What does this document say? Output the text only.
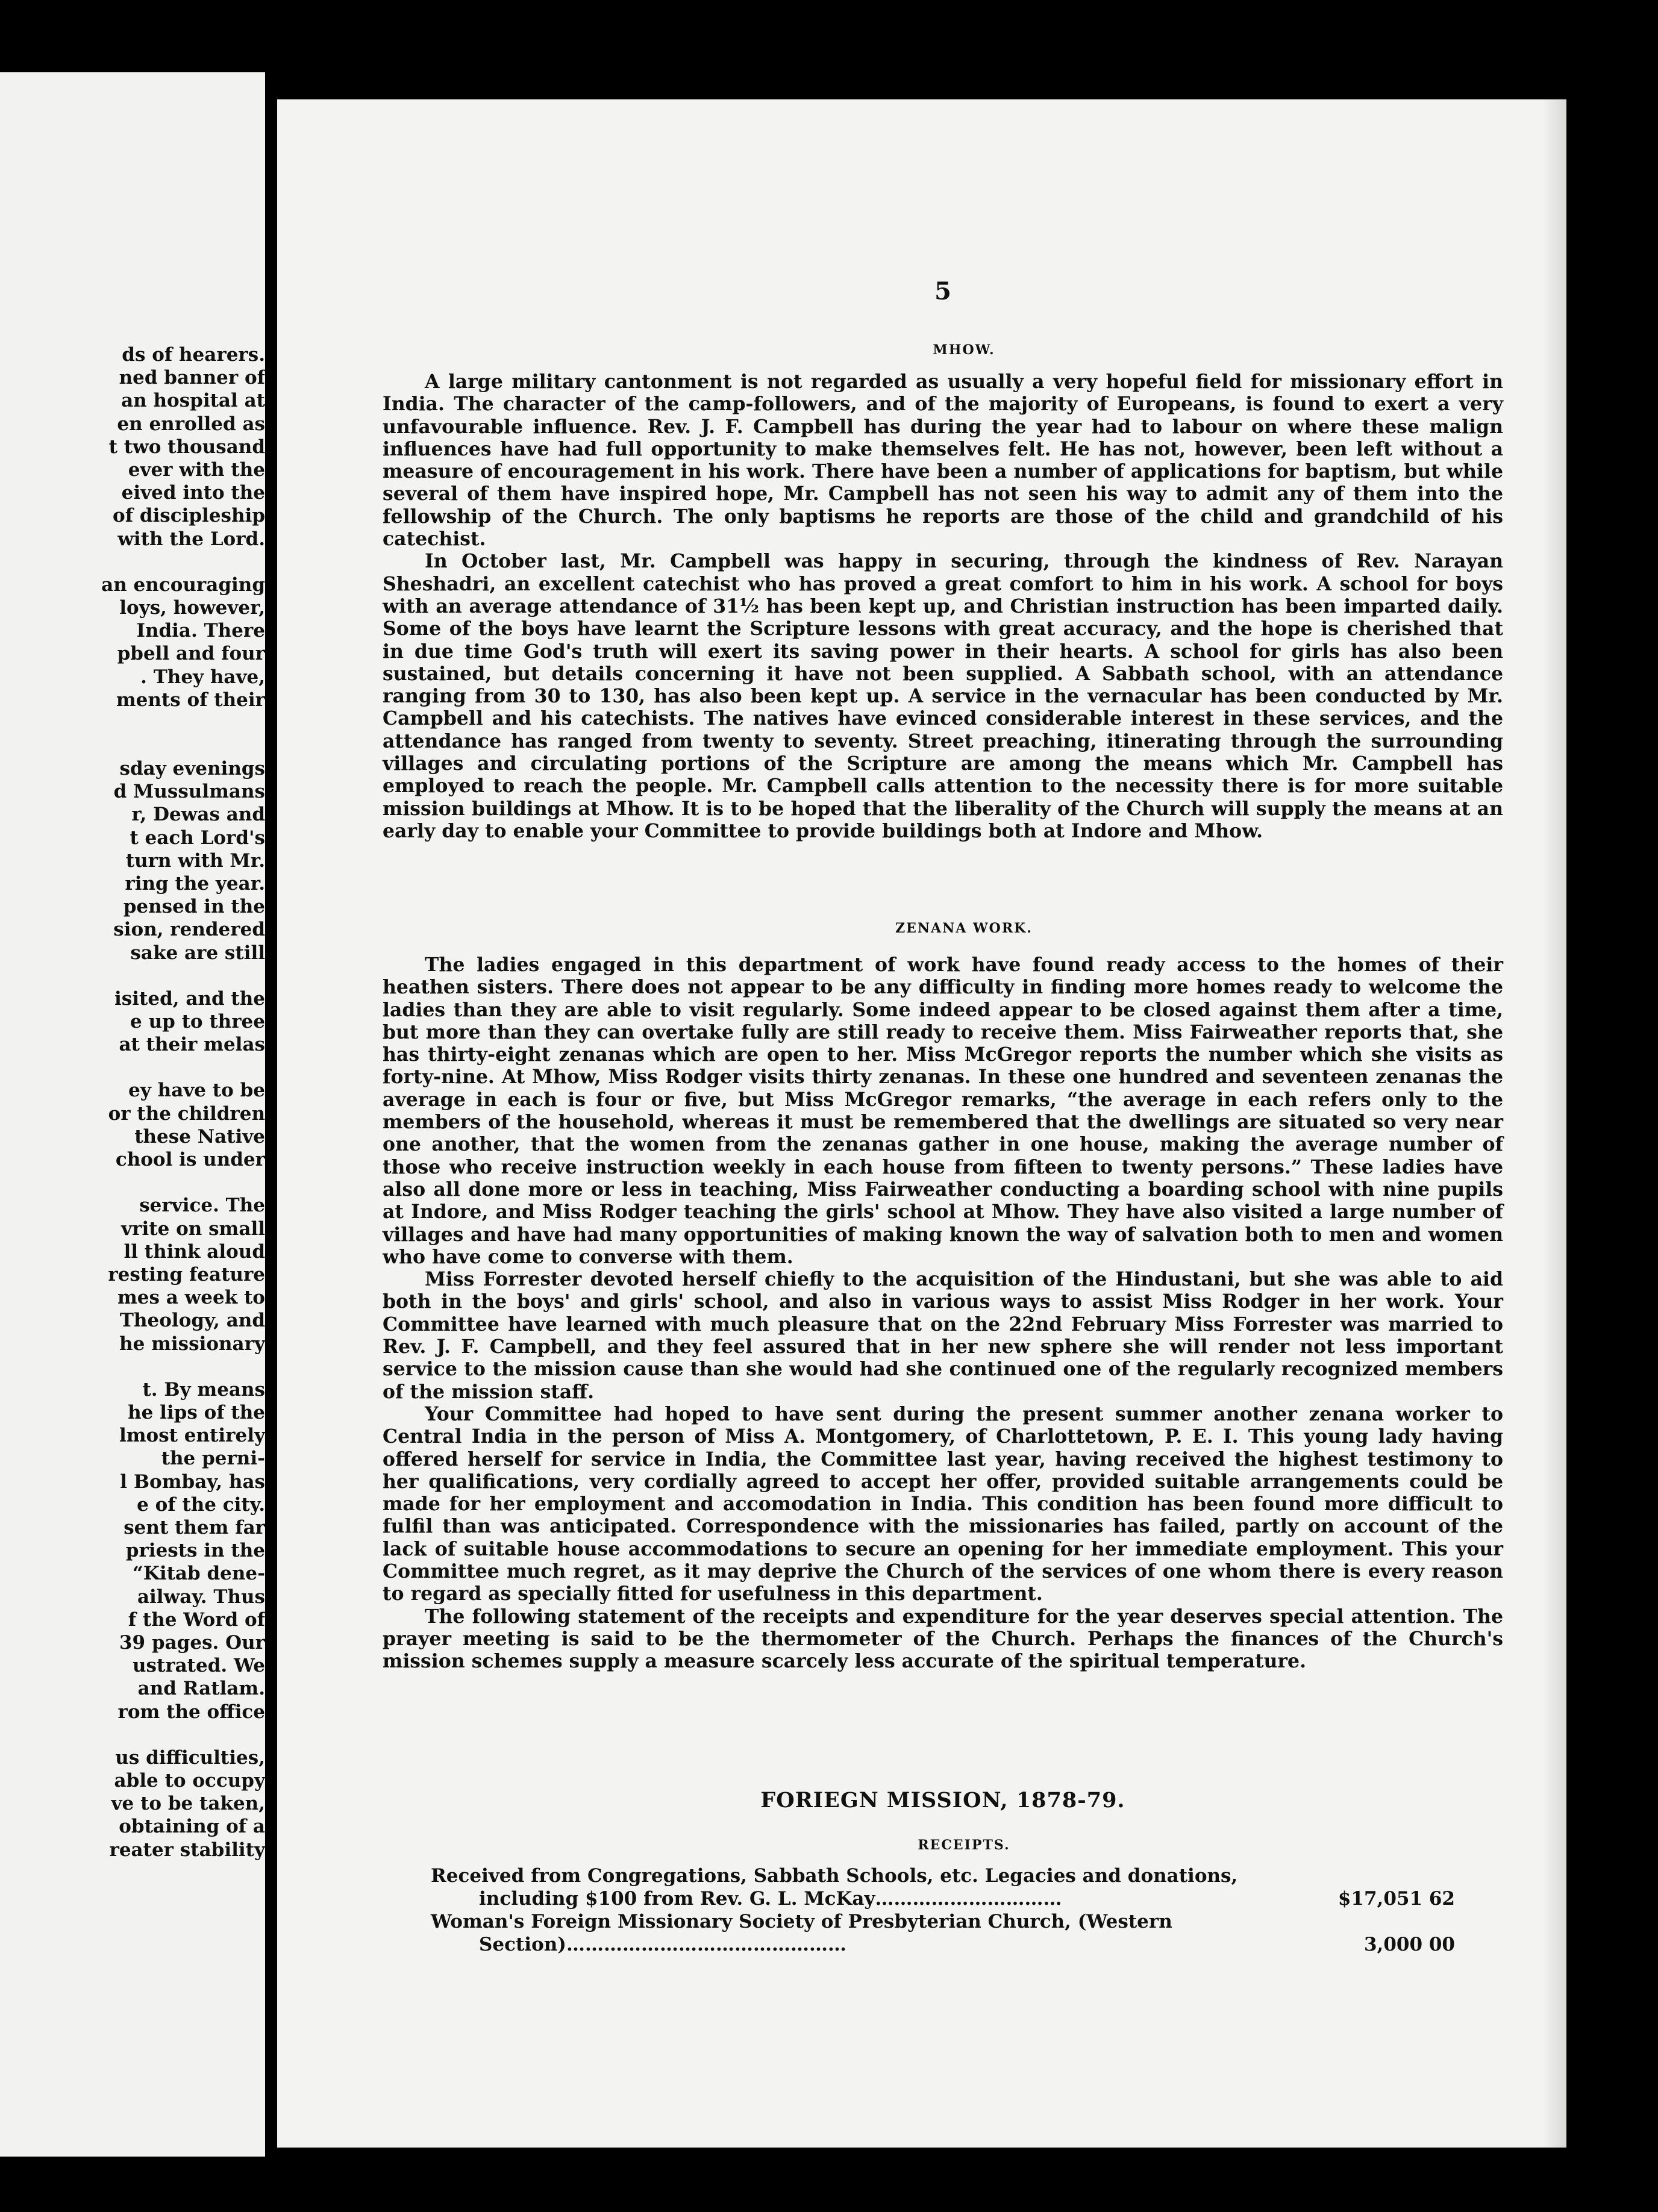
ds of hearers.
ned banner of
an hospital at
en enrolled as
t two thousand
ever with the
eived into the
of discipleship
with the Lord.
an encouraging
loys, however,
India. There
pbell and four
. They have,
ments of their
sday evenings
d Mussulmans
r, Dewas and
t each Lord's
turn with Mr.
ring the year.
pensed in the
sion, rendered
sake are still
isited, and the
e up to three
at their melas
ey have to be
or the children
these Native
chool is under
service. The
vrite on small
ll think aloud
resting feature
mes a week to
Theology, and
he missionary
t. By means
he lips of the
lmost entirely
the perni-
l Bombay, has
e of the city.
sent them far
priests in the
“Kitab dene-
ailway. Thus
f the Word of
39 pages. Our
ustrated. We
and Ratlam.
rom the office
us difficulties,
able to occupy
ve to be taken,
obtaining of a
reater stability
5

MHOW.

A large military cantonment is not regarded as usually a very hopeful field for missionary effort in India. The character of the camp-followers, and of the majority of Europeans, is found to exert a very unfavourable influence. Rev. J. F. Campbell has during the year had to labour on where these malign influences have had full opportunity to make themselves felt. He has not, however, been left without a measure of encouragement in his work. There have been a number of applications for baptism, but while several of them have inspired hope, Mr. Campbell has not seen his way to admit any of them into the fellowship of the Church. The only baptisms he reports are those of the child and grandchild of his catechist.

In October last, Mr. Campbell was happy in securing, through the kindness of Rev. Narayan Sheshadri, an excellent catechist who has proved a great comfort to him in his work. A school for boys with an average attendance of 31½ has been kept up, and Christian instruction has been imparted daily. Some of the boys have learnt the Scripture lessons with great accuracy, and the hope is cherished that in due time God's truth will exert its saving power in their hearts. A school for girls has also been sustained, but details concerning it have not been supplied. A Sabbath school, with an attendance ranging from 30 to 130, has also been kept up. A service in the vernacular has been conducted by Mr. Campbell and his catechists. The natives have evinced considerable interest in these services, and the attendance has ranged from twenty to seventy. Street preaching, itinerating through the surrounding villages and circulating portions of the Scripture are among the means which Mr. Campbell has employed to reach the people. Mr. Campbell calls attention to the necessity there is for more suitable mission buildings at Mhow. It is to be hoped that the liberality of the Church will supply the means at an early day to enable your Committee to provide buildings both at Indore and Mhow.

ZENANA WORK.

The ladies engaged in this department of work have found ready access to the homes of their heathen sisters. There does not appear to be any difficulty in finding more homes ready to welcome the ladies than they are able to visit regularly. Some indeed appear to be closed against them after a time, but more than they can overtake fully are still ready to receive them. Miss Fairweather reports that, she has thirty-eight zenanas which are open to her. Miss McGregor reports the number which she visits as forty-nine. At Mhow, Miss Rodger visits thirty zenanas. In these one hundred and seventeen zenanas the average in each is four or five, but Miss McGregor remarks, “the average in each refers only to the members of the household, whereas it must be remembered that the dwellings are situated so very near one another, that the women from the zenanas gather in one house, making the average number of those who receive instruction weekly in each house from fifteen to twenty persons.” These ladies have also all done more or less in teaching, Miss Fairweather conducting a boarding school with nine pupils at Indore, and Miss Rodger teaching the girls' school at Mhow. They have also visited a large number of villages and have had many opportunities of making known the way of salvation both to men and women who have come to converse with them.

Miss Forrester devoted herself chiefly to the acquisition of the Hindustani, but she was able to aid both in the boys' and girls' school, and also in various ways to assist Miss Rodger in her work. Your Committee have learned with much pleasure that on the 22nd February Miss Forrester was married to Rev. J. F. Campbell, and they feel assured that in her new sphere she will render not less important service to the mission cause than she would had she continued one of the regularly recognized members of the mission staff.

Your Committee had hoped to have sent during the present summer another zenana worker to Central India in the person of Miss A. Montgomery, of Charlottetown, P. E. I. This young lady having offered herself for service in India, the Committee last year, having received the highest testimony to her qualifications, very cordially agreed to accept her offer, provided suitable arrangements could be made for her employment and accomodation in India. This condition has been found more difficult to fulfil than was anticipated. Correspondence with the missionaries has failed, partly on account of the lack of suitable house accommodations to secure an opening for her immediate employment. This your Committee much regret, as it may deprive the Church of the services of one whom there is every reason to regard as specially fitted for usefulness in this department.

The following statement of the receipts and expenditure for the year deserves special attention. The prayer meeting is said to be the thermometer of the Church. Perhaps the finances of the Church's mission schemes supply a measure scarcely less accurate of the spiritual temperature.

FORIEGN MISSION, 1878-79.

RECEIPTS.

Received from Congregations, Sabbath Schools, etc. Legacies and donations,
including $100 from Rev. G. L. McKay…………………………	$17,051 62
Woman's Foreign Missionary Society of Presbyterian Church, (Western
Section)………………………………………	3,000 00
